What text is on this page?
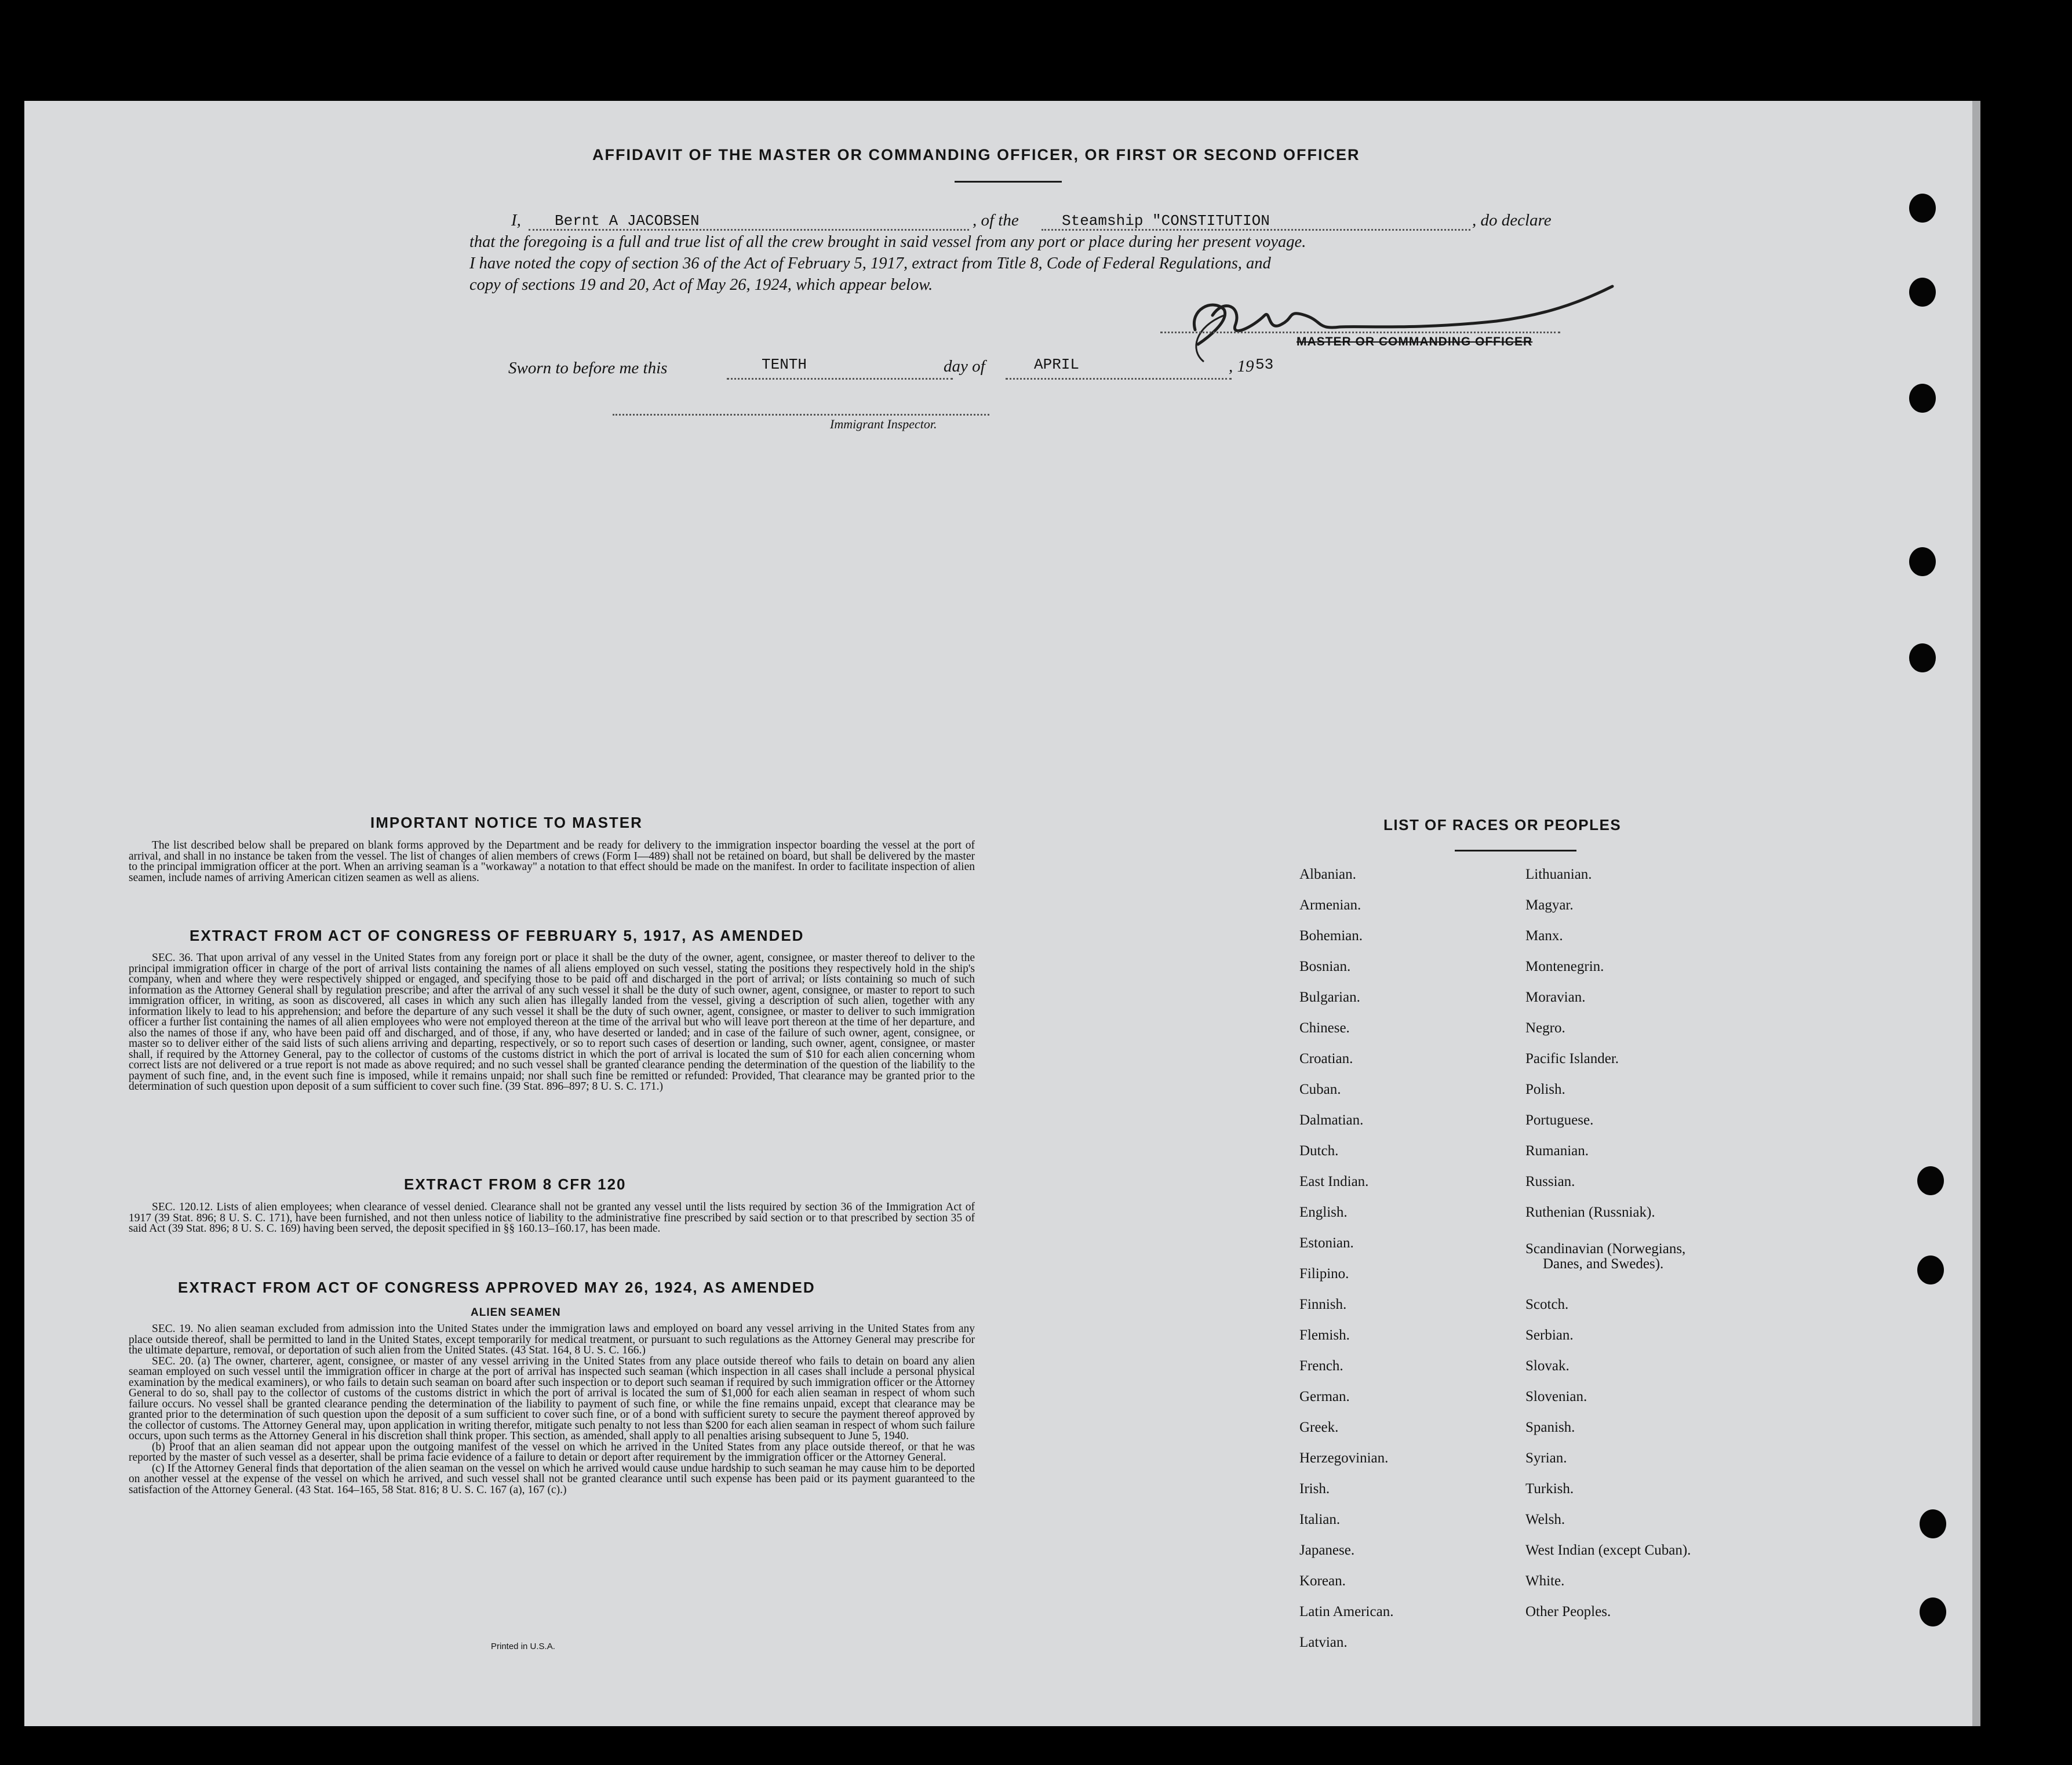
AFFIDAVIT OF THE MASTER OR COMMANDING OFFICER, OR FIRST OR SECOND OFFICER
I, Bernt A JACOBSEN	, of the	Steamship "CONSTITUTION	, do declare
that the foregoing is a full and true list of all the crew brought in said vessel from any port or place during her present voyage.
I have noted the copy of section 36 of the Act of February 5, 1917, extract from Title 8, Code of Federal Regulations, and
copy of sections 19 and 20, Act of May 26, 1924, which appear below.
MASTER OR COMMANDING OFFICER
Sworn to before me this	TENTH	day of	APRIL	, 19 53
Immigrant Inspector.
IMPORTANT NOTICE TO MASTER

The list described below shall be prepared on blank forms approved by the Department and be ready for delivery to the immigration inspector boarding the vessel at the port of arrival, and shall in no instance be taken from the vessel. The list of changes of alien members of crews (Form I—489) shall not be retained on board, but shall be delivered by the master to the principal immigration officer at the port. When an arriving seaman is a "workaway" a notation to that effect should be made on the manifest. In order to facilitate inspection of alien seamen, include names of arriving American citizen seamen as well as aliens.

EXTRACT FROM ACT OF CONGRESS OF FEBRUARY 5, 1917, AS AMENDED

SEC. 36. That upon arrival of any vessel in the United States from any foreign port or place it shall be the duty of the owner, agent, consignee, or master thereof to deliver to the principal immigration officer in charge of the port of arrival lists containing the names of all aliens employed on such vessel, stating the positions they respectively hold in the ship's company, when and where they were respectively shipped or engaged, and specifying those to be paid off and discharged in the port of arrival; or lists containing so much of such information as the Attorney General shall by regulation prescribe; and after the arrival of any such vessel it shall be the duty of such owner, agent, consignee, or master to report to such immigration officer, in writing, as soon as discovered, all cases in which any such alien has illegally landed from the vessel, giving a description of such alien, together with any information likely to lead to his apprehension; and before the departure of any such vessel it shall be the duty of such owner, agent, consignee, or master to deliver to such immigration officer a further list containing the names of all alien employees who were not employed thereon at the time of the arrival but who will leave port thereon at the time of her departure, and also the names of those if any, who have been paid off and discharged, and of those, if any, who have deserted or landed; and in case of the failure of such owner, agent, consignee, or master so to deliver either of the said lists of such aliens arriving and departing, respectively, or so to report such cases of desertion or landing, such owner, agent, consignee, or master shall, if required by the Attorney General, pay to the collector of customs of the customs district in which the port of arrival is located the sum of $10 for each alien concerning whom correct lists are not delivered or a true report is not made as above required; and no such vessel shall be granted clearance pending the determination of the question of the liability to the payment of such fine, and, in the event such fine is imposed, while it remains unpaid; nor shall such fine be remitted or refunded: Provided, That clearance may be granted prior to the determination of such question upon deposit of a sum sufficient to cover such fine. (39 Stat. 896–897; 8 U. S. C. 171.)

EXTRACT FROM 8 CFR 120

SEC. 120.12. Lists of alien employees; when clearance of vessel denied. Clearance shall not be granted any vessel until the lists required by section 36 of the Immigration Act of 1917 (39 Stat. 896; 8 U. S. C. 171), have been furnished, and not then unless notice of liability to the administrative fine prescribed by said section or to that prescribed by section 35 of said Act (39 Stat. 896; 8 U. S. C. 169) having been served, the deposit specified in §§ 160.13–160.17, has been made.

EXTRACT FROM ACT OF CONGRESS APPROVED MAY 26, 1924, AS AMENDED
ALIEN SEAMEN

SEC. 19. No alien seaman excluded from admission into the United States under the immigration laws and employed on board any vessel arriving in the United States from any place outside thereof, shall be permitted to land in the United States, except temporarily for medical treatment, or pursuant to such regulations as the Attorney General may prescribe for the ultimate departure, removal, or deportation of such alien from the United States. (43 Stat. 164, 8 U. S. C. 166.)

SEC. 20. (a) The owner, charterer, agent, consignee, or master of any vessel arriving in the United States from any place outside thereof who fails to detain on board any alien seaman employed on such vessel until the immigration officer in charge at the port of arrival has inspected such seaman (which inspection in all cases shall include a personal physical examination by the medical examiners), or who fails to detain such seaman on board after such inspection or to deport such seaman if required by such immigration officer or the Attorney General to do so, shall pay to the collector of customs of the customs district in which the port of arrival is located the sum of $1,000 for each alien seaman in respect of whom such failure occurs. No vessel shall be granted clearance pending the determination of the liability to payment of such fine, or while the fine remains unpaid, except that clearance may be granted prior to the determination of such question upon the deposit of a sum sufficient to cover such fine, or of a bond with sufficient surety to secure the payment thereof approved by the collector of customs. The Attorney General may, upon application in writing therefor, mitigate such penalty to not less than $200 for each alien seaman in respect of whom such failure occurs, upon such terms as the Attorney General in his discretion shall think proper. This section, as amended, shall apply to all penalties arising subsequent to June 5, 1940.

(b) Proof that an alien seaman did not appear upon the outgoing manifest of the vessel on which he arrived in the United States from any place outside thereof, or that he was reported by the master of such vessel as a deserter, shall be prima facie evidence of a failure to detain or deport after requirement by the immigration officer or the Attorney General.

(c) If the Attorney General finds that deportation of the alien seaman on the vessel on which he arrived would cause undue hardship to such seaman he may cause him to be deported on another vessel at the expense of the vessel on which he arrived, and such vessel shall not be granted clearance until such expense has been paid or its payment guaranteed to the satisfaction of the Attorney General. (43 Stat. 164–165, 58 Stat. 816; 8 U. S. C. 167 (a), 167 (c).)

Printed in U.S.A.
LIST OF RACES OR PEOPLES
Albanian.
Armenian.
Bohemian.
Bosnian.
Bulgarian.
Chinese.
Croatian.
Cuban.
Dalmatian.
Dutch.
East Indian.
English.
Estonian.
Filipino.
Finnish.
Flemish.
French.
German.
Greek.
Herzegovinian.
Irish.
Italian.
Japanese.
Korean.
Latin American.
Latvian.
Lithuanian.
Magyar.
Manx.
Montenegrin.
Moravian.
Negro.
Pacific Islander.
Polish.
Portuguese.
Rumanian.
Russian.
Ruthenian (Russniak).
Scandinavian (Norwegians,
Danes, and Swedes).
Scotch.
Serbian.
Slovak.
Slovenian.
Spanish.
Syrian.
Turkish.
Welsh.
West Indian (except Cuban).
White.
Other Peoples.
